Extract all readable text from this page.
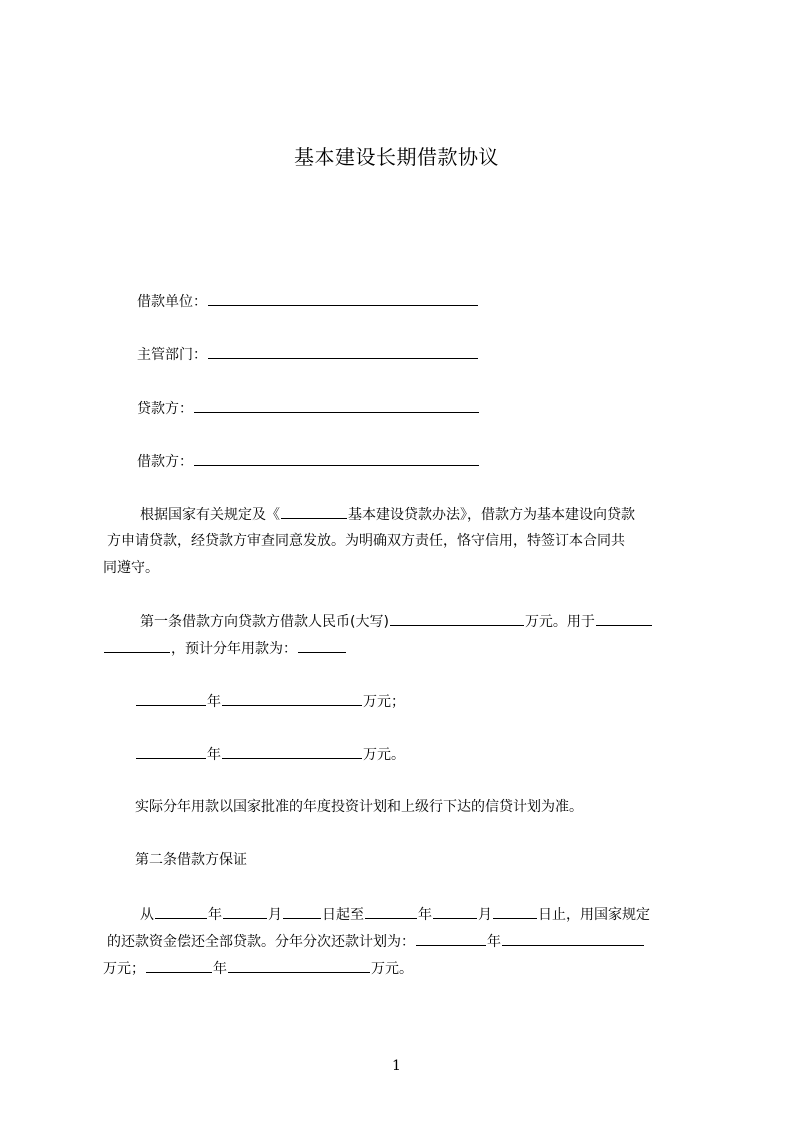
基本建设长期借款协议
借款单位：
主管部门：
贷款方：
借款方：
根据国家有关规定及《	基本建设贷款办法》，借款方为基本建设向贷款
方申请贷款，经贷款方审查同意发放。为明确双方责任，恪守信用，特签订本合同共
同遵守。
第一条借款方向贷款方借款人民币(大写)	万元。用于
，预计分年用款为：
年	万元；
年	万元。
实际分年用款以国家批准的年度投资计划和上级行下达的信贷计划为准。
第二条借款方保证
从	年	月	日起至	年	月	日止，用国家规定
的还款资金偿还全部贷款。分年分次还款计划为：	年
万元；	年	万元。
1
